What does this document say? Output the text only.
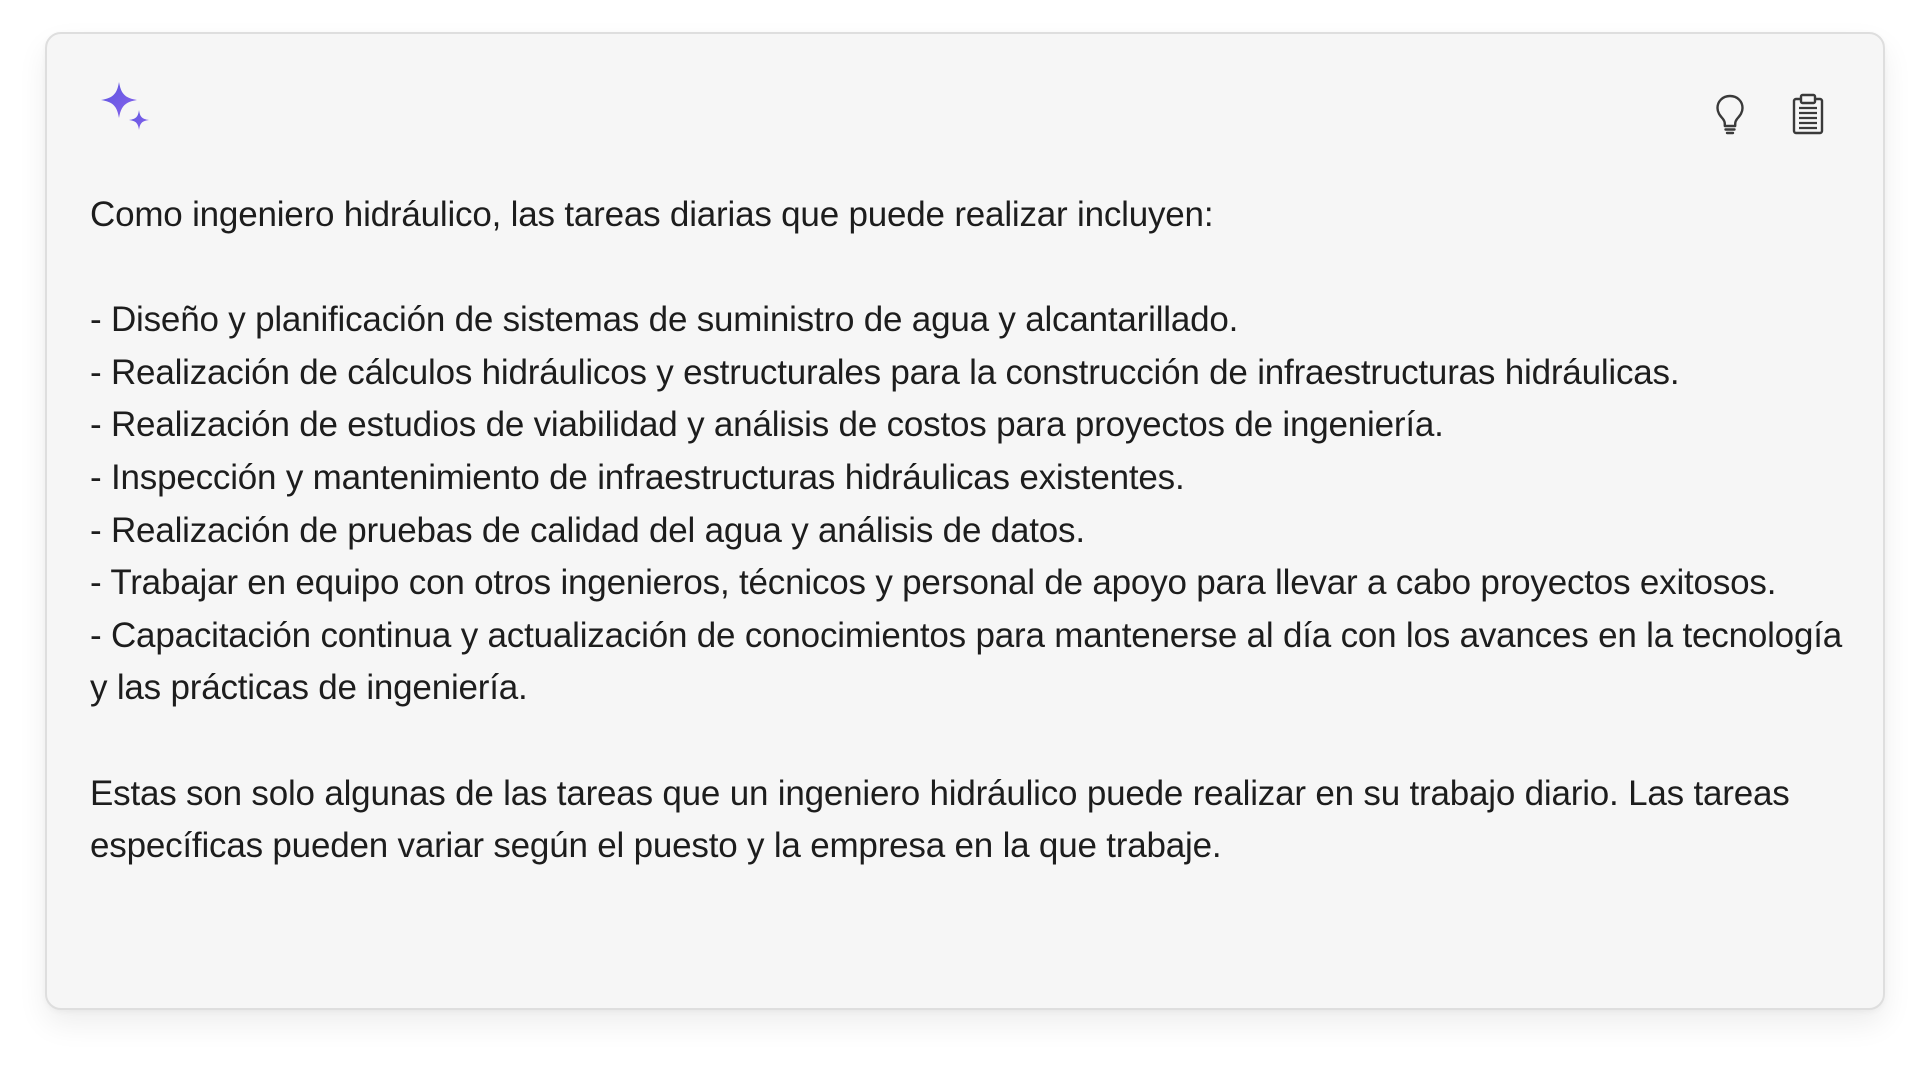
Como ingeniero hidráulico, las tareas diarias que puede realizar incluyen:

- Diseño y planificación de sistemas de suministro de agua y alcantarillado.
- Realización de cálculos hidráulicos y estructurales para la construcción de infraestructuras hidráulicas.
- Realización de estudios de viabilidad y análisis de costos para proyectos de ingeniería.
- Inspección y mantenimiento de infraestructuras hidráulicas existentes.
- Realización de pruebas de calidad del agua y análisis de datos.
- Trabajar en equipo con otros ingenieros, técnicos y personal de apoyo para llevar a cabo proyectos exitosos.
- Capacitación continua y actualización de conocimientos para mantenerse al día con los avances en la tecnología y las prácticas de ingeniería.

Estas son solo algunas de las tareas que un ingeniero hidráulico puede realizar en su trabajo diario. Las tareas específicas pueden variar según el puesto y la empresa en la que trabaje.
